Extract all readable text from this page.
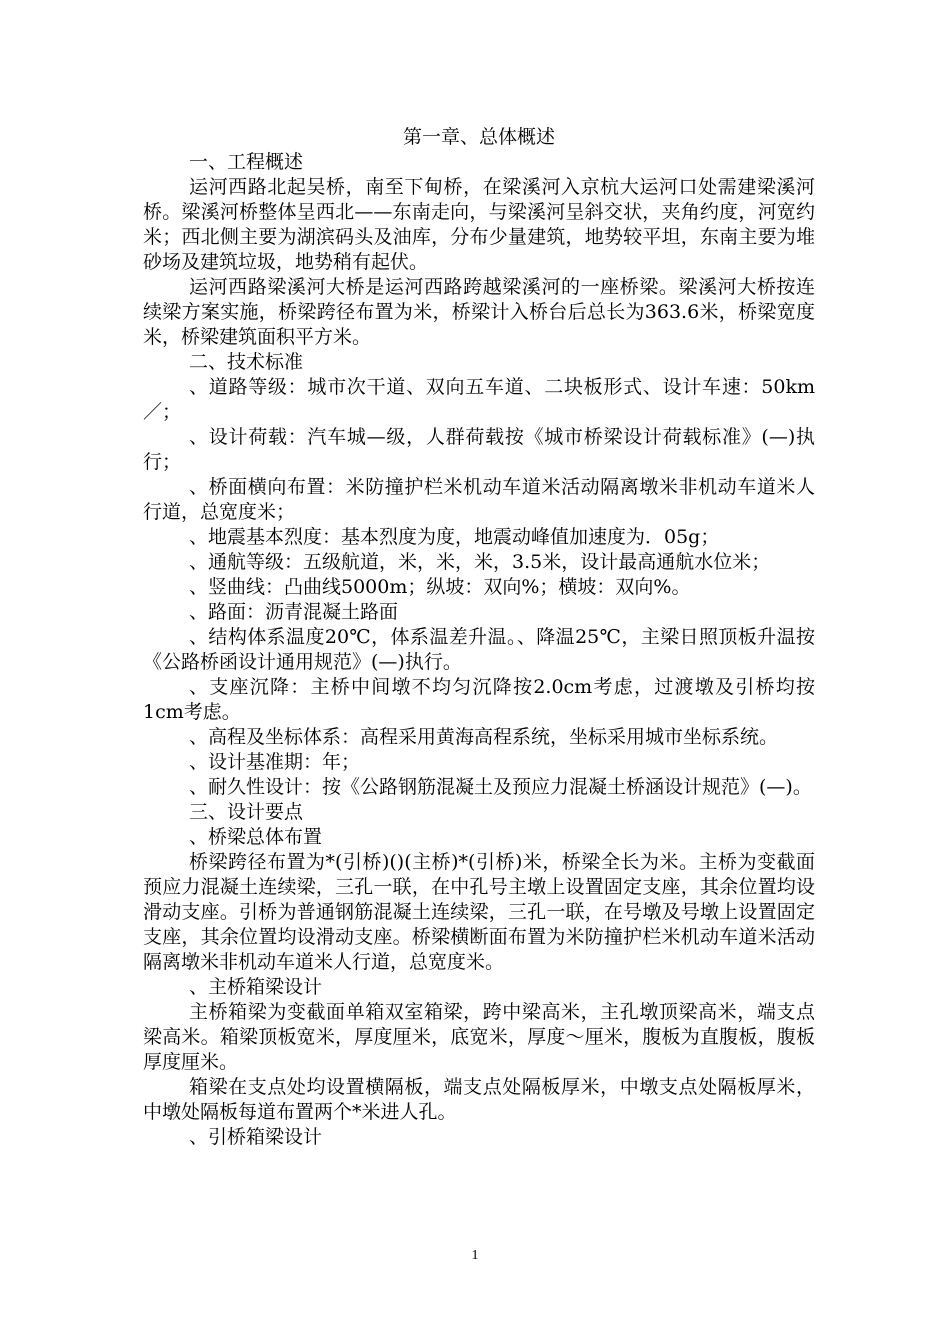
第一章、总体概述

一、工程概述

运河西路北起吴桥，南至下甸桥，在梁溪河入京杭大运河口处需建梁溪河桥。梁溪河桥整体呈西北——东南走向，与梁溪河呈斜交状，夹角约度，河宽约米；西北侧主要为湖滨码头及油库，分布少量建筑，地势较平坦，东南主要为堆砂场及建筑垃圾，地势稍有起伏。

运河西路梁溪河大桥是运河西路跨越梁溪河的一座桥梁。梁溪河大桥按连续梁方案实施，桥梁跨径布置为米，桥梁计入桥台后总长为363.6米，桥梁宽度米，桥梁建筑面积平方米。

二、技术标准

、道路等级：城市次干道、双向五车道、二块板形式、设计车速：50km／；

、设计荷载：汽车城—级，人群荷载按《城市桥梁设计荷载标准》(—)执行；

、桥面横向布置：米防撞护栏米机动车道米活动隔离墩米非机动车道米人行道，总宽度米；

、地震基本烈度：基本烈度为度，地震动峰值加速度为．05g；

、通航等级：五级航道，米，米，米，3.5米，设计最高通航水位米；

、竖曲线：凸曲线5000m；纵坡：双向%；横坡：双向%。

、路面：沥青混凝土路面

、结构体系温度20℃，体系温差升温。、降温25℃，主梁日照顶板升温按《公路桥函设计通用规范》(—)执行。

、支座沉降：主桥中间墩不均匀沉降按2.0cm考虑，过渡墩及引桥均按1cm考虑。

、高程及坐标体系：高程采用黄海高程系统，坐标采用城市坐标系统。

、设计基准期：年；

、耐久性设计：按《公路钢筋混凝土及预应力混凝土桥涵设计规范》(—)。

三、设计要点

、桥梁总体布置

桥梁跨径布置为*(引桥)()(主桥)*(引桥)米，桥梁全长为米。主桥为变截面预应力混凝土连续梁，三孔一联，在中孔号主墩上设置固定支座，其余位置均设滑动支座。引桥为普通钢筋混凝土连续梁，三孔一联，在号墩及号墩上设置固定支座，其余位置均设滑动支座。桥梁横断面布置为米防撞护栏米机动车道米活动隔离墩米非机动车道米人行道，总宽度米。

、主桥箱梁设计

主桥箱梁为变截面单箱双室箱梁，跨中梁高米，主孔墩顶梁高米，端支点梁高米。箱梁顶板宽米，厚度厘米，底宽米，厚度～厘米，腹板为直腹板，腹板厚度厘米。

箱梁在支点处均设置横隔板，端支点处隔板厚米，中墩支点处隔板厚米，中墩处隔板每道布置两个*米进人孔。

、引桥箱梁设计

1
